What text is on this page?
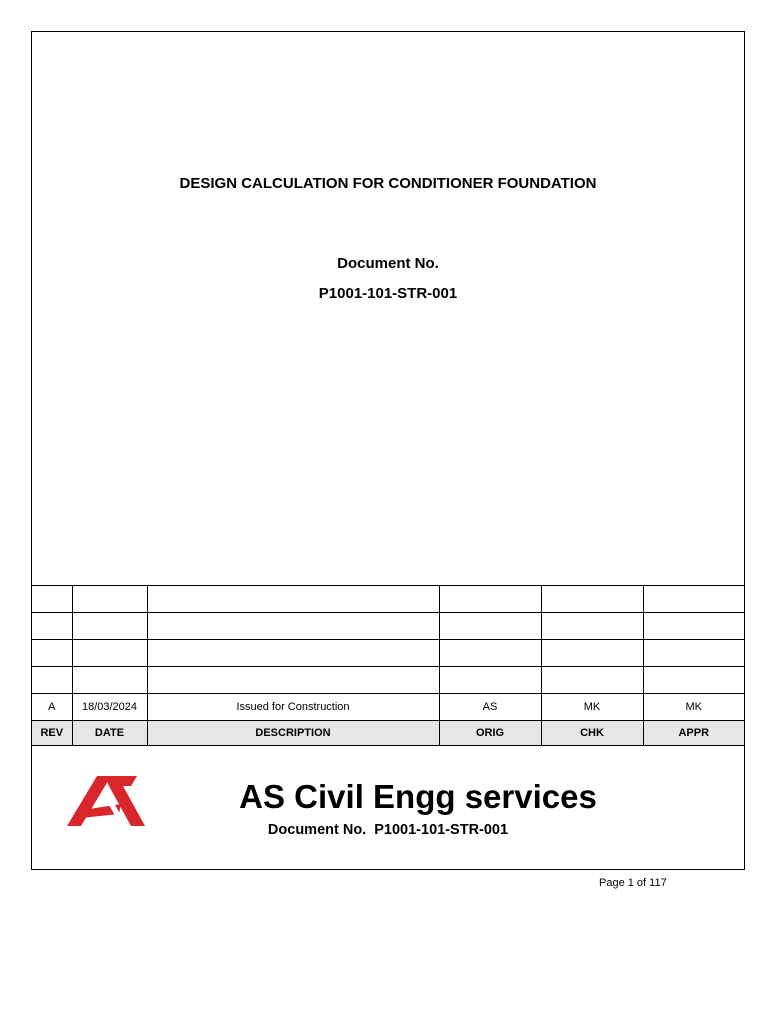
DESIGN CALCULATION FOR CONDITIONER FOUNDATION
Document No.
P1001-101-STR-001

A	18/03/2024	Issued for Construction	AS	MK	MK
REV	DATE	DESCRIPTION	ORIG	CHK	APPR
AS Civil Engg services
Document No.  P1001-101-STR-001
Page 1 of 117
